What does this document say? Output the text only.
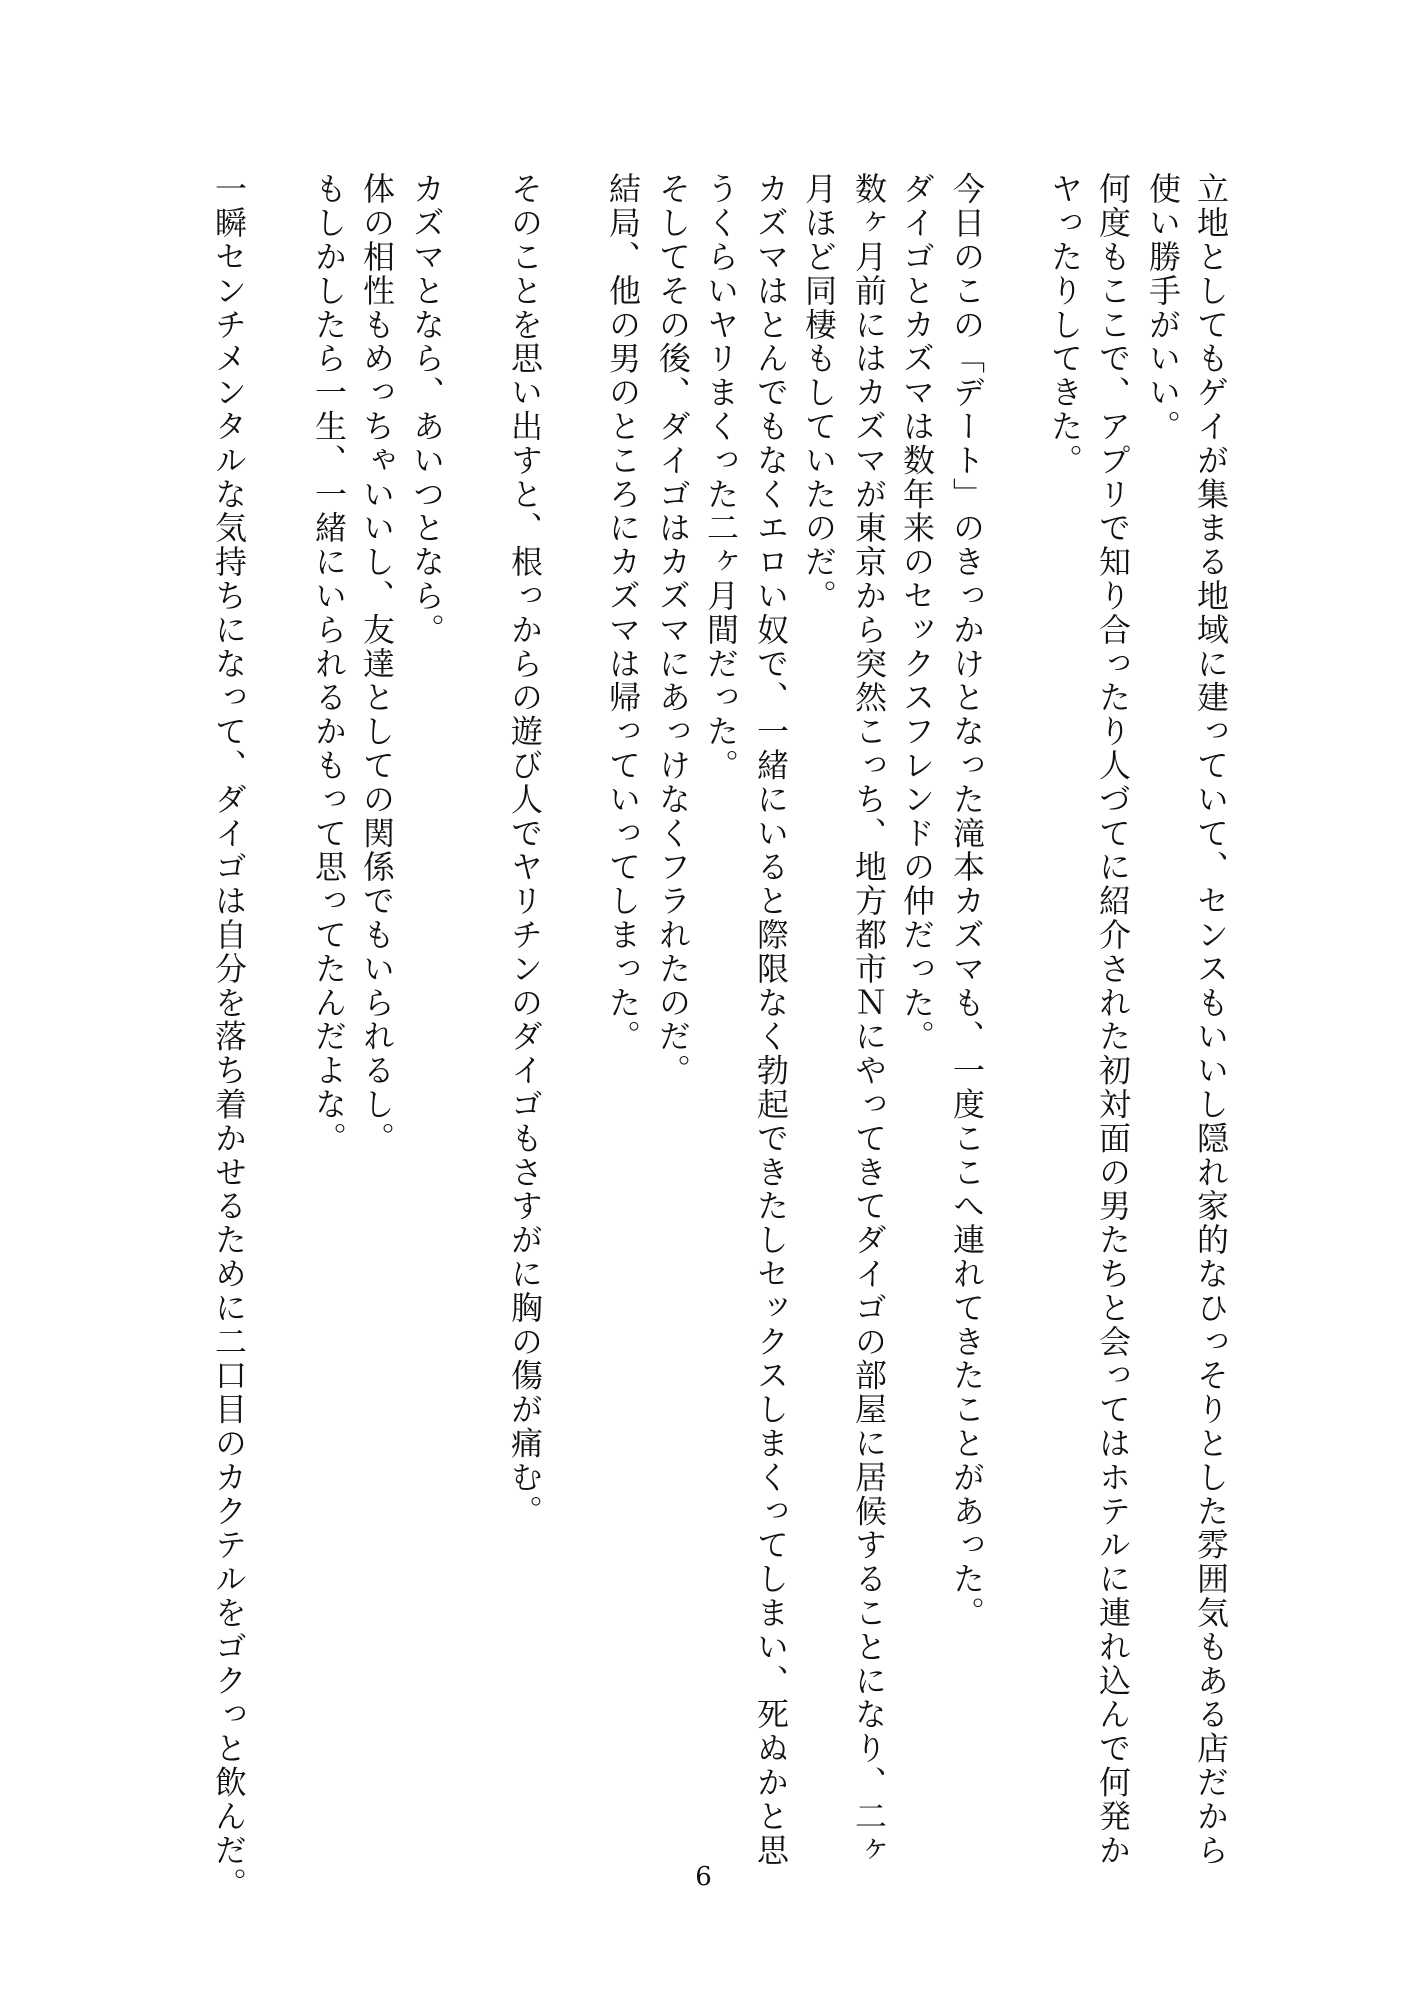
立地としてもゲイが集まる地域に建っていて、センスもいいし隠れ家的なひっそりとした雰囲気もある店だから
使い勝手がいい。
何度もここで、アプリで知り合ったり人づてに紹介された初対面の男たちと会ってはホテルに連れ込んで何発か
ヤったりしてきた。
今日のこの「デート」のきっかけとなった滝本カズマも、一度ここへ連れてきたことがあった。
ダイゴとカズマは数年来のセックスフレンドの仲だった。
数ヶ月前にはカズマが東京から突然こっち、地方都市Ｎにやってきてダイゴの部屋に居候することになり、二ヶ
月ほど同棲もしていたのだ。
カズマはとんでもなくエロい奴で、一緒にいると際限なく勃起できたしセックスしまくってしまい、死ぬかと思
うくらいヤリまくった二ヶ月間だった。
そしてその後、ダイゴはカズマにあっけなくフラれたのだ。
結局、他の男のところにカズマは帰っていってしまった。
そのことを思い出すと、根っからの遊び人でヤリチンのダイゴもさすがに胸の傷が痛む。
カズマとなら、あいつとなら。
体の相性もめっちゃいいし、友達としての関係でもいられるし。
もしかしたら一生、一緒にいられるかもって思ってたんだよな。
一瞬センチメンタルな気持ちになって、ダイゴは自分を落ち着かせるために二口目のカクテルをゴクっと飲んだ。	6
